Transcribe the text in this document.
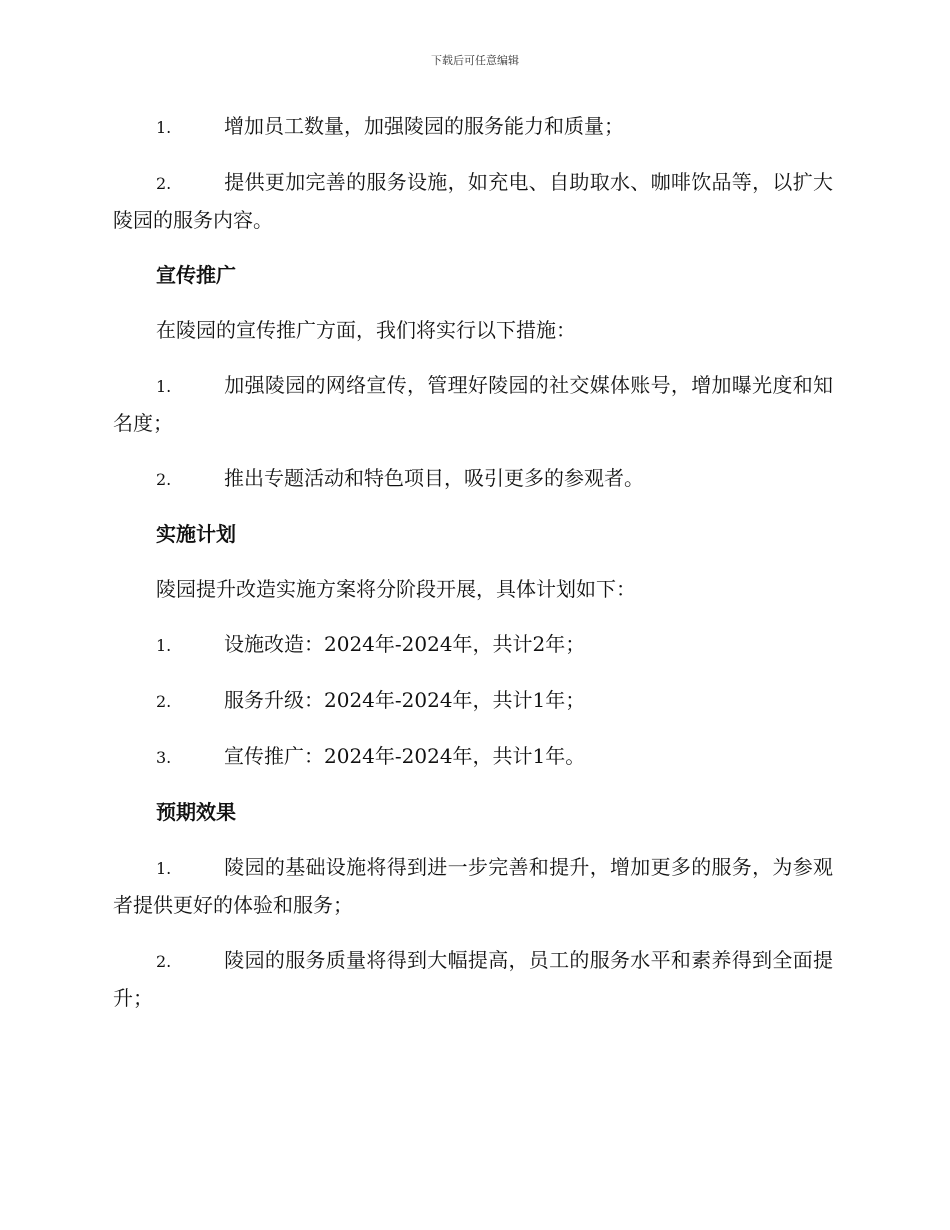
下载后可任意编辑

1.	增加员工数量，加强陵园的服务能力和质量；

2.	提供更加完善的服务设施，如充电、自助取水、咖啡饮品等，以扩大陵园的服务内容。

宣传推广

在陵园的宣传推广方面，我们将实行以下措施：

1.	加强陵园的网络宣传，管理好陵园的社交媒体账号，增加曝光度和知名度；

2.	推出专题活动和特色项目，吸引更多的参观者。

实施计划

陵园提升改造实施方案将分阶段开展，具体计划如下：

1.	设施改造：2024年-2024年，共计2年；

2.	服务升级：2024年-2024年，共计1年；

3.	宣传推广：2024年-2024年，共计1年。

预期效果

1.	陵园的基础设施将得到进一步完善和提升，增加更多的服务，为参观者提供更好的体验和服务；

2.	陵园的服务质量将得到大幅提高，员工的服务水平和素养得到全面提升；
